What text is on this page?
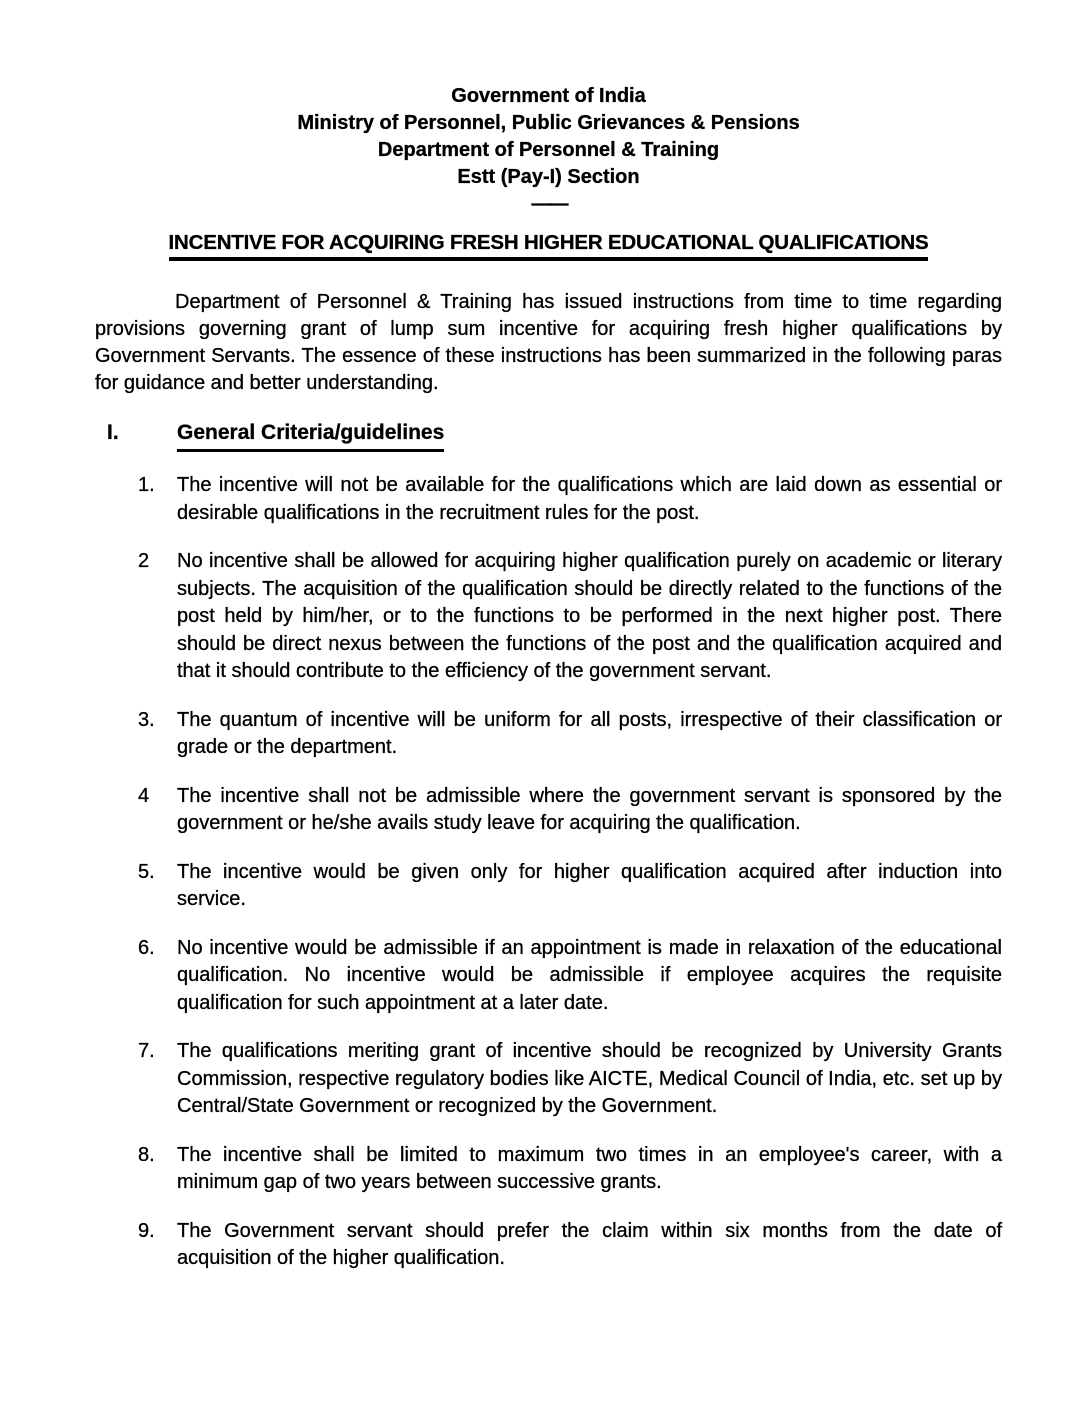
Government of India
Ministry of Personnel, Public Grievances & Pensions
Department of Personnel & Training
Estt (Pay-I) Section
——
INCENTIVE FOR ACQUIRING FRESH HIGHER EDUCATIONAL QUALIFICATIONS
Department of Personnel & Training has issued instructions from time to time regarding provisions governing grant of lump sum incentive for acquiring fresh higher qualifications by Government Servants. The essence of these instructions has been summarized in the following paras for guidance and better understanding.
I.	General Criteria/guidelines
1.	The incentive will not be available for the qualifications which are laid down as essential or desirable qualifications in the recruitment rules for the post.
2	No incentive shall be allowed for acquiring higher qualification purely on academic or literary subjects. The acquisition of the qualification should be directly related to the functions of the post held by him/her, or to the functions to be performed in the next higher post. There should be direct nexus between the functions of the post and the qualification acquired and that it should contribute to the efficiency of the government servant.
3.	The quantum of incentive will be uniform for all posts, irrespective of their classification or grade or the department.
4	The incentive shall not be admissible where the government servant is sponsored by the government or he/she avails study leave for acquiring the qualification.
5.	The incentive would be given only for higher qualification acquired after induction into service.
6.	No incentive would be admissible if an appointment is made in relaxation of the educational qualification. No incentive would be admissible if employee acquires the requisite qualification for such appointment at a later date.
7.	The qualifications meriting grant of incentive should be recognized by University Grants Commission, respective regulatory bodies like AICTE, Medical Council of India, etc. set up by Central/State Government or recognized by the Government.
8.	The incentive shall be limited to maximum two times in an employee's career, with a minimum gap of two years between successive grants.
9.	The Government servant should prefer the claim within six months from the date of acquisition of the higher qualification.
